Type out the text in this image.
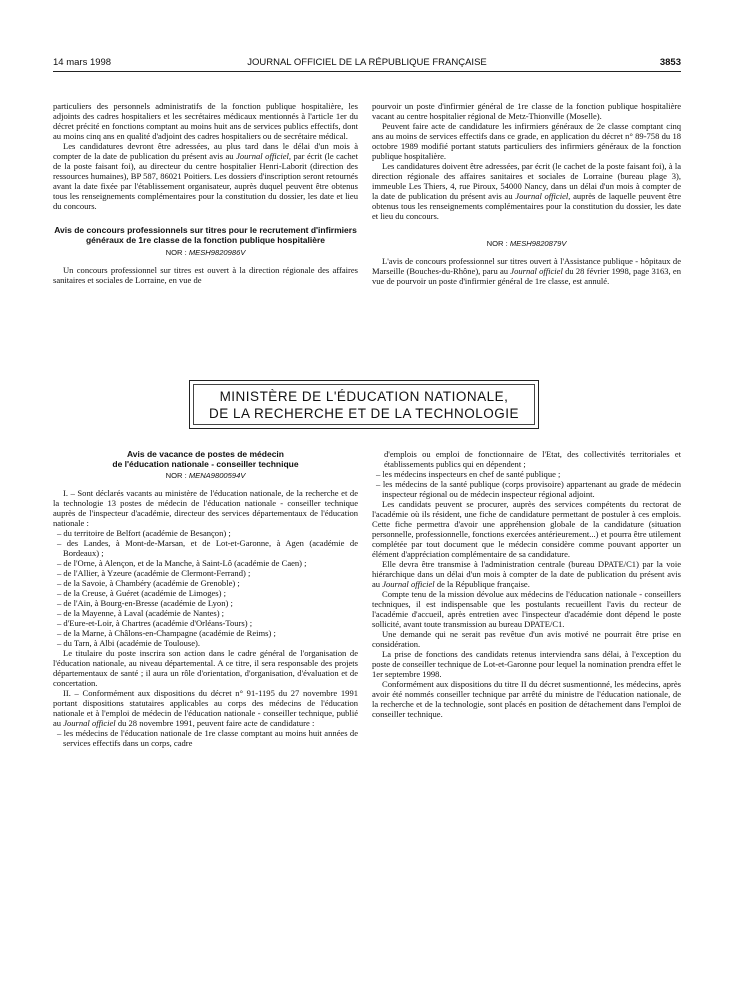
14 mars 1998	JOURNAL OFFICIEL DE LA RÉPUBLIQUE FRANÇAISE	3853

particuliers des personnels administratifs de la fonction publique hospitalière, les adjoints des cadres hospitaliers et les secrétaires médicaux mentionnés à l'article 1er du décret précité en fonctions comptant au moins huit ans de services publics effectifs, dont au moins cinq ans en qualité d'adjoint des cadres hospitaliers ou de secrétaire médical.

Les candidatures devront être adressées, au plus tard dans le délai d'un mois à compter de la date de publication du présent avis au Journal officiel, par écrit (le cachet de la poste faisant foi), au directeur du centre hospitalier Henri-Laborit (direction des ressources humaines), BP 587, 86021 Poitiers. Les dossiers d'inscription seront retournés avant la date fixée par l'établissement organisateur, auprès duquel peuvent être obtenus tous les renseignements complémentaires pour la constitution du dossier, les date et lieu du concours.

Avis de concours professionnels sur titres pour le recrutement d'infirmiers généraux de 1re classe de la fonction publique hospitalière
NOR : MESH9820986V

Un concours professionnel sur titres est ouvert à la direction régionale des affaires sanitaires et sociales de Lorraine, en vue de

pourvoir un poste d'infirmier général de 1re classe de la fonction publique hospitalière vacant au centre hospitalier régional de Metz-Thionville (Moselle).

Peuvent faire acte de candidature les infirmiers généraux de 2e classe comptant cinq ans au moins de services effectifs dans ce grade, en application du décret n° 89-758 du 18 octobre 1989 modifié portant statuts particuliers des infirmiers généraux de la fonction publique hospitalière.

Les candidatures doivent être adressées, par écrit (le cachet de la poste faisant foi), à la direction régionale des affaires sanitaires et sociales de Lorraine (bureau plage 3), immeuble Les Thiers, 4, rue Piroux, 54000 Nancy, dans un délai d'un mois à compter de la date de publication du présent avis au Journal officiel, auprès de laquelle peuvent être obtenus tous les renseignements complémentaires pour la constitution du dossier, les date et lieu du concours.

NOR : MESH9820879V

L'avis de concours professionnel sur titres ouvert à l'Assistance publique - hôpitaux de Marseille (Bouches-du-Rhône), paru au Journal officiel du 28 février 1998, page 3163, en vue de pourvoir un poste d'infirmier général de 1re classe, est annulé.

MINISTÈRE DE L'ÉDUCATION NATIONALE,
DE LA RECHERCHE ET DE LA TECHNOLOGIE
Avis de vacance de postes de médecin
de l'éducation nationale - conseiller technique
NOR : MENA9800594V

I. – Sont déclarés vacants au ministère de l'éducation nationale, de la recherche et de la technologie 13 postes de médecin de l'éducation nationale - conseiller technique auprès de l'inspecteur d'académie, directeur des services départementaux de l'éducation nationale :

– du territoire de Belfort (académie de Besançon) ;

– des Landes, à Mont-de-Marsan, et de Lot-et-Garonne, à Agen (académie de Bordeaux) ;

– de l'Orne, à Alençon, et de la Manche, à Saint-Lô (académie de Caen) ;

– de l'Allier, à Yzeure (académie de Clermont-Ferrand) ;

– de la Savoie, à Chambéry (académie de Grenoble) ;

– de la Creuse, à Guéret (académie de Limoges) ;

– de l'Ain, à Bourg-en-Bresse (académie de Lyon) ;

– de la Mayenne, à Laval (académie de Nantes) ;

– d'Eure-et-Loir, à Chartres (académie d'Orléans-Tours) ;

– de la Marne, à Châlons-en-Champagne (académie de Reims) ;

– du Tarn, à Albi (académie de Toulouse).

Le titulaire du poste inscrira son action dans le cadre général de l'organisation de l'éducation nationale, au niveau départemental. A ce titre, il sera responsable des projets départementaux de santé ; il aura un rôle d'orientation, d'organisation, d'évaluation et de concertation.

II. – Conformément aux dispositions du décret n° 91-1195 du 27 novembre 1991 portant dispositions statutaires applicables au corps des médecins de l'éducation nationale et à l'emploi de médecin de l'éducation nationale - conseiller technique, publié au Journal officiel du 28 novembre 1991, peuvent faire acte de candidature :

– les médecins de l'éducation nationale de 1re classe comptant au moins huit années de services effectifs dans un corps, cadre

d'emplois ou emploi de fonctionnaire de l'Etat, des collectivités territoriales et établissements publics qui en dépendent ;

– les médecins inspecteurs en chef de santé publique ;

– les médecins de la santé publique (corps provisoire) appartenant au grade de médecin inspecteur régional ou de médecin inspecteur régional adjoint.

Les candidats peuvent se procurer, auprès des services compétents du rectorat de l'académie où ils résident, une fiche de candidature permettant de postuler à ces emplois. Cette fiche permettra d'avoir une appréhension globale de la candidature (situation personnelle, professionnelle, fonctions exercées antérieurement...) et pourra être utilement complétée par tout document que le médecin considère comme pouvant apporter un élément d'appréciation complémentaire de sa candidature.

Elle devra être transmise à l'administration centrale (bureau DPATE/C1) par la voie hiérarchique dans un délai d'un mois à compter de la date de publication du présent avis au Journal officiel de la République française.

Compte tenu de la mission dévolue aux médecins de l'éducation nationale - conseillers techniques, il est indispensable que les postulants recueillent l'avis du recteur de l'académie d'accueil, après entretien avec l'inspecteur d'académie dont dépend le poste sollicité, avant toute transmission au bureau DPATE/C1.

Une demande qui ne serait pas revêtue d'un avis motivé ne pourrait être prise en considération.

La prise de fonctions des candidats retenus interviendra sans délai, à l'exception du poste de conseiller technique de Lot-et-Garonne pour lequel la nomination prendra effet le 1er septembre 1998.

Conformément aux dispositions du titre II du décret susmentionné, les médecins, après avoir été nommés conseiller technique par arrêté du ministre de l'éducation nationale, de la recherche et de la technologie, sont placés en position de détachement dans l'emploi de conseiller technique.
